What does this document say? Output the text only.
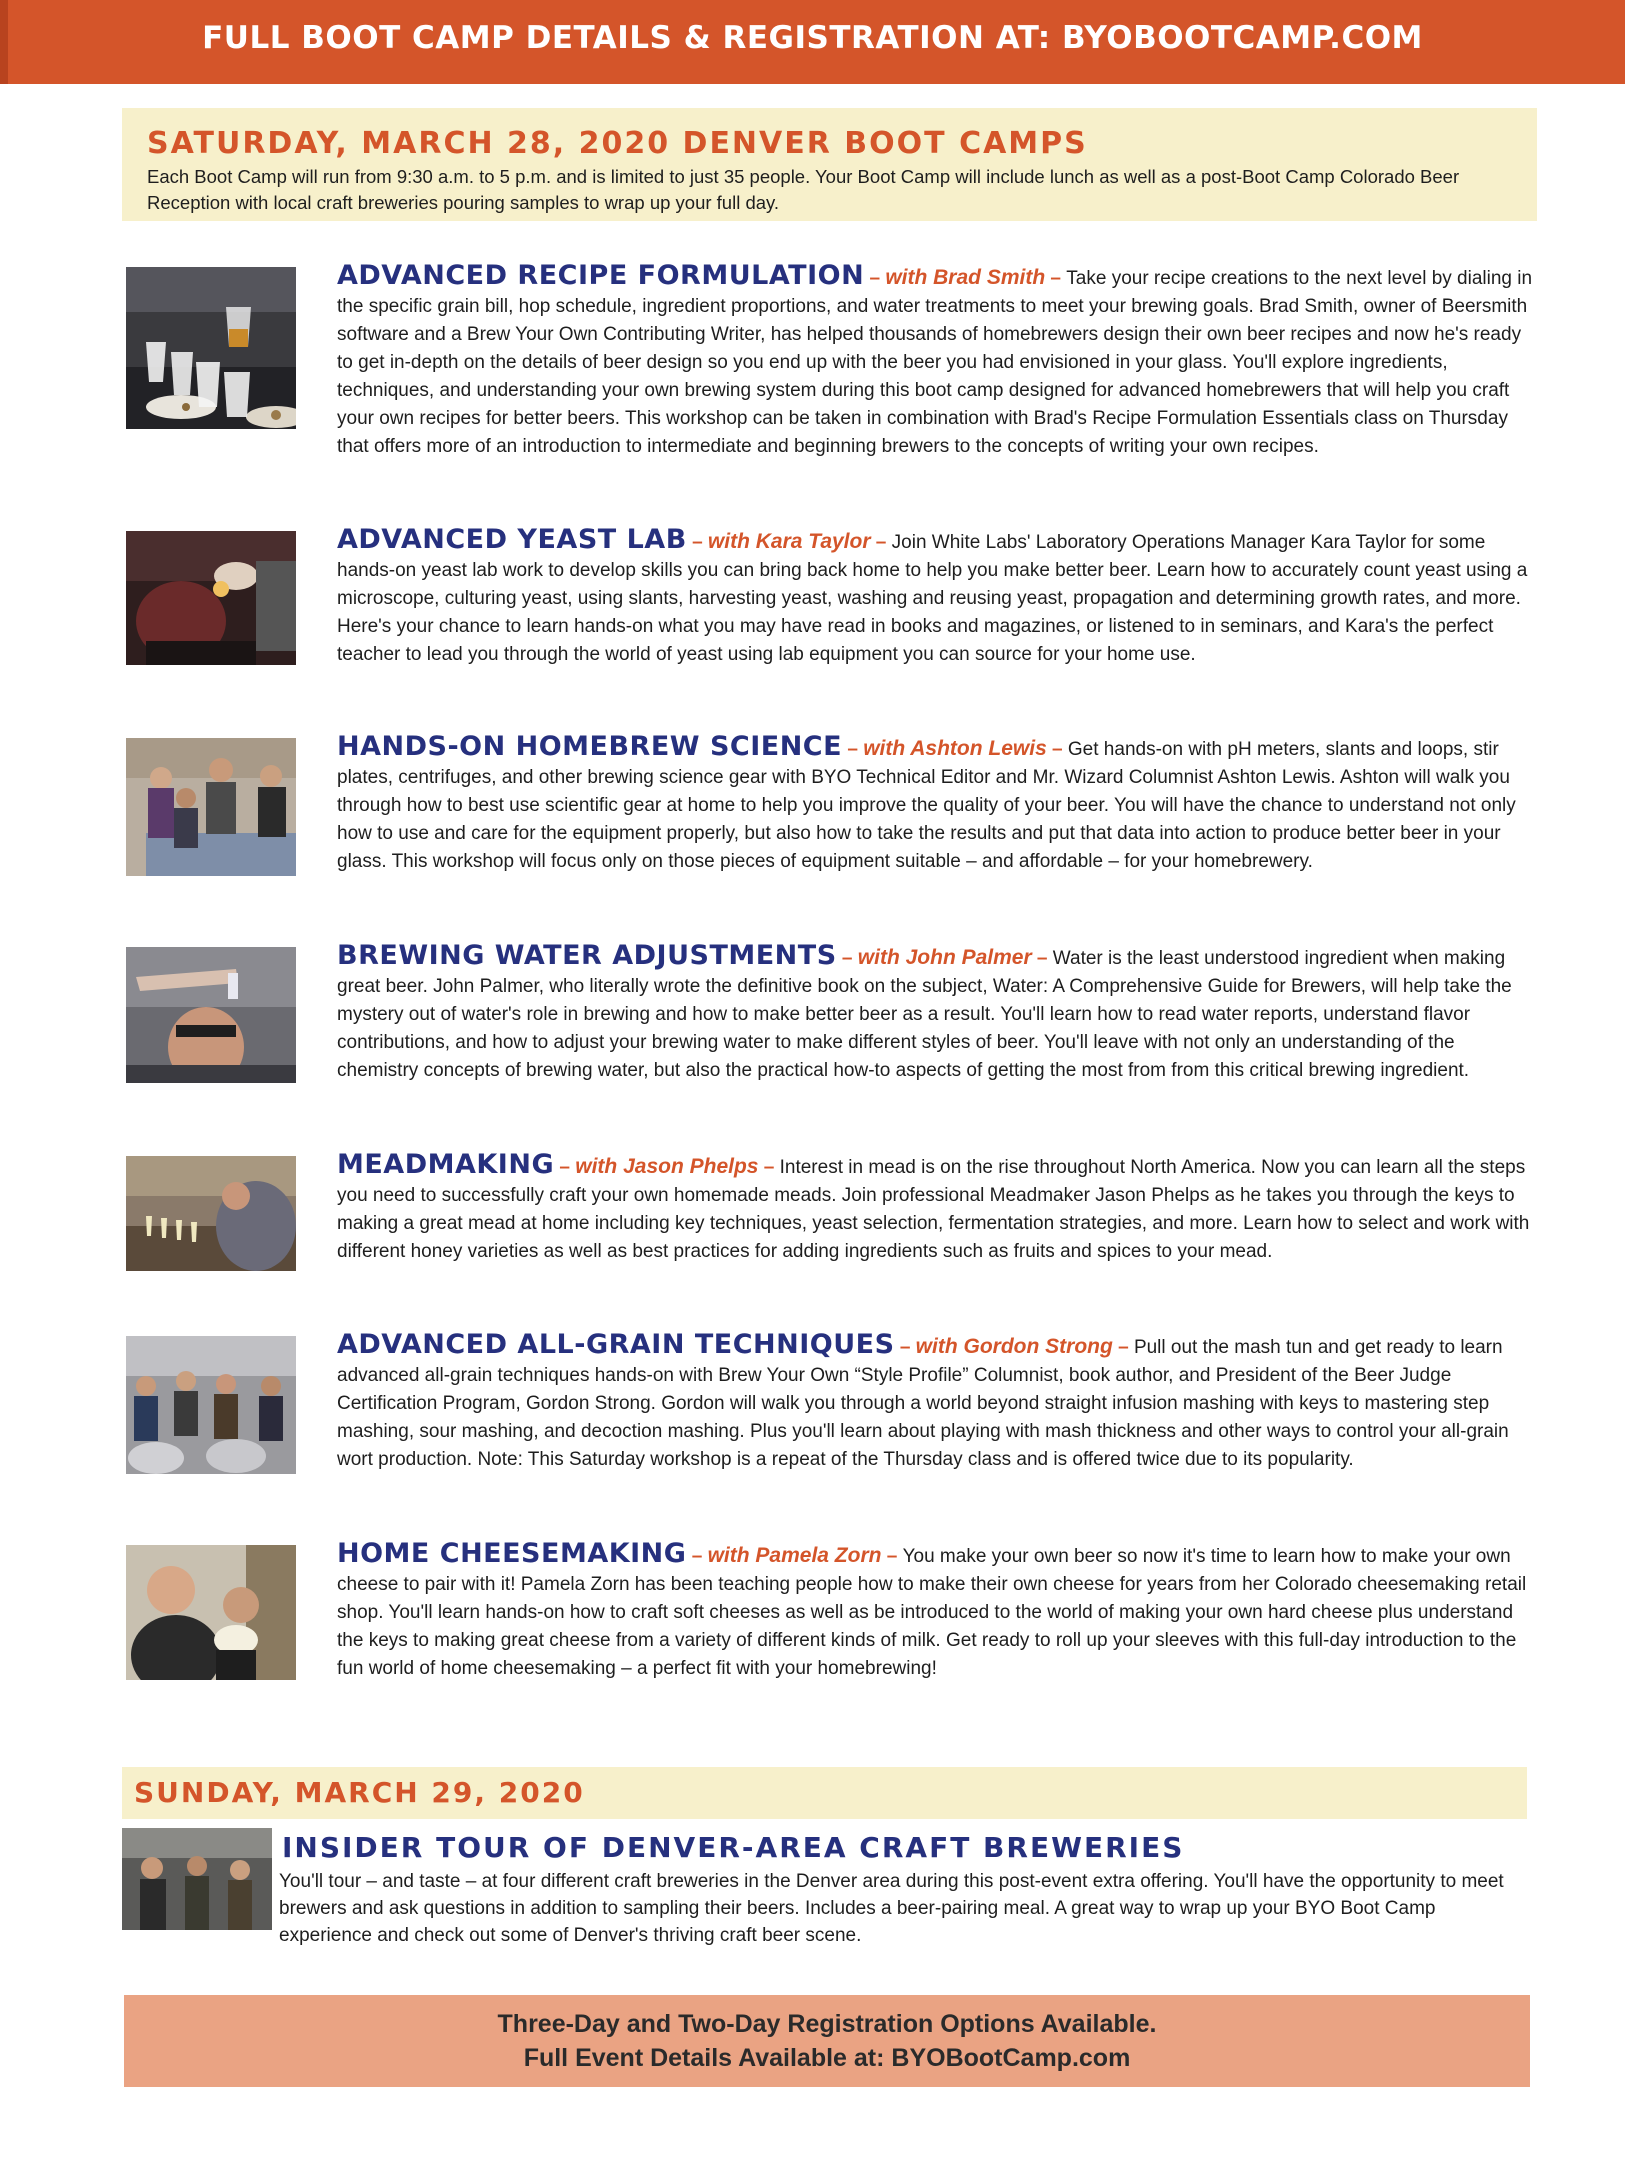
FULL BOOT CAMP DETAILS & REGISTRATION AT: BYOBOOTCAMP.COM
SATURDAY, MARCH 28, 2020 DENVER BOOT CAMPS

Each Boot Camp will run from 9:30 a.m. to 5 p.m. and is limited to just 35 people. Your Boot Camp will include lunch as well as a post-Boot Camp Colorado Beer Reception with local craft breweries pouring samples to wrap up your full day.

ADVANCED RECIPE FORMULATION – with Brad Smith – Take your recipe creations to the next level by dialing in the specific grain bill, hop schedule, ingredient proportions, and water treatments to meet your brewing goals. Brad Smith, owner of Beersmith software and a Brew Your Own Contributing Writer, has helped thousands of homebrewers design their own beer recipes and now he's ready to get in-depth on the details of beer design so you end up with the beer you had envisioned in your glass. You'll explore ingredients, techniques, and understanding your own brewing system during this boot camp designed for advanced homebrewers that will help you craft your own recipes for better beers. This workshop can be taken in combination with Brad's Recipe Formulation Essentials class on Thursday that offers more of an introduction to intermediate and beginning brewers to the concepts of writing your own recipes.
ADVANCED YEAST LAB – with Kara Taylor – Join White Labs' Laboratory Operations Manager Kara Taylor for some hands-on yeast lab work to develop skills you can bring back home to help you make better beer. Learn how to accurately count yeast using a microscope, culturing yeast, using slants, harvesting yeast, washing and reusing yeast, propagation and determining growth rates, and more. Here's your chance to learn hands-on what you may have read in books and magazines, or listened to in seminars, and Kara's the perfect teacher to lead you through the world of yeast using lab equipment you can source for your home use.
HANDS-ON HOMEBREW SCIENCE – with Ashton Lewis – Get hands-on with pH meters, slants and loops, stir plates, centrifuges, and other brewing science gear with BYO Technical Editor and Mr. Wizard Columnist Ashton Lewis. Ashton will walk you through how to best use scientific gear at home to help you improve the quality of your beer. You will have the chance to understand not only how to use and care for the equipment properly, but also how to take the results and put that data into action to produce better beer in your glass. This workshop will focus only on those pieces of equipment suitable – and affordable – for your homebrewery.
BREWING WATER ADJUSTMENTS – with John Palmer – Water is the least understood ingredient when making great beer. John Palmer, who literally wrote the definitive book on the subject, Water: A Comprehensive Guide for Brewers, will help take the mystery out of water's role in brewing and how to make better beer as a result. You'll learn how to read water reports, understand flavor contributions, and how to adjust your brewing water to make different styles of beer. You'll leave with not only an understanding of the chemistry concepts of brewing water, but also the practical how-to aspects of getting the most from from this critical brewing ingredient.
MEADMAKING – with Jason Phelps – Interest in mead is on the rise throughout North America. Now you can learn all the steps you need to successfully craft your own homemade meads. Join professional Meadmaker Jason Phelps as he takes you through the keys to making a great mead at home including key techniques, yeast selection, fermentation strategies, and more. Learn how to select and work with different honey varieties as well as best practices for adding ingredients such as fruits and spices to your mead.
ADVANCED ALL-GRAIN TECHNIQUES – with Gordon Strong – Pull out the mash tun and get ready to learn advanced all-grain techniques hands-on with Brew Your Own “Style Profile” Columnist, book author, and President of the Beer Judge Certification Program, Gordon Strong. Gordon will walk you through a world beyond straight infusion mashing with keys to mastering step mashing, sour mashing, and decoction mashing. Plus you'll learn about playing with mash thickness and other ways to control your all-grain wort production. Note: This Saturday workshop is a repeat of the Thursday class and is offered twice due to its popularity.
HOME CHEESEMAKING – with Pamela Zorn – You make your own beer so now it's time to learn how to make your own cheese to pair with it! Pamela Zorn has been teaching people how to make their own cheese for years from her Colorado cheesemaking retail shop. You'll learn hands-on how to craft soft cheeses as well as be introduced to the world of making your own hard cheese plus understand the keys to making great cheese from a variety of different kinds of milk. Get ready to roll up your sleeves with this full-day introduction to the fun world of home cheesemaking – a perfect fit with your homebrewing!
SUNDAY, MARCH 29, 2020
INSIDER TOUR OF DENVER-AREA CRAFT BREWERIES
You'll tour – and taste – at four different craft breweries in the Denver area during this post-event extra offering. You'll have the opportunity to meet brewers and ask questions in addition to sampling their beers. Includes a beer-pairing meal. A great way to wrap up your BYO Boot Camp experience and check out some of Denver's thriving craft beer scene.
Three-Day and Two-Day Registration Options Available.
Full Event Details Available at: BYOBootCamp.com
